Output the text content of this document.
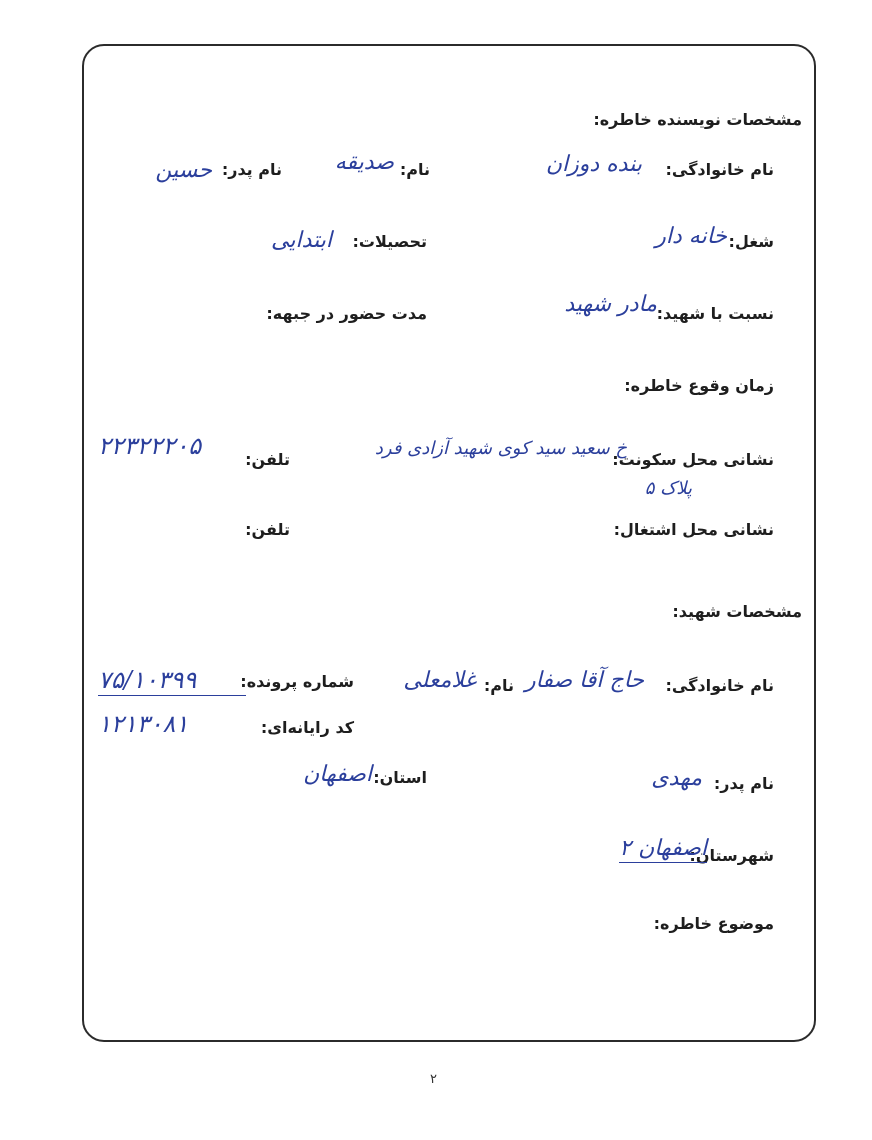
مشخصات نویسنده خاطره:
نام خانوادگی:
بنده دوزان
نام:
صدیقه
نام پدر:
حسین
شغل:
خانه دار
تحصیلات:
ابتدایی
نسبت با شهید:
مادر شهید
مدت حضور در جبهه:
زمان وقوع خاطره:
نشانی محل سکونت:
خ سعید سید کوی شهید آزادی فرد
پلاک ۵
تلفن:
۲۲۳۲۲۲۰۵
نشانی محل اشتغال:
تلفن:
مشخصات شهید:
نام خانوادگی:
حاج آقا صفار
نام:
غلامعلی
شماره پرونده:
۷۵/۱۰۳۹۹
کد رایانه‌ای:
۱۲۱۳۰۸۱
نام پدر:
مهدی
استان:
اصفهان
شهرستان:
اصفهان ۲
موضوع خاطره:
۲
